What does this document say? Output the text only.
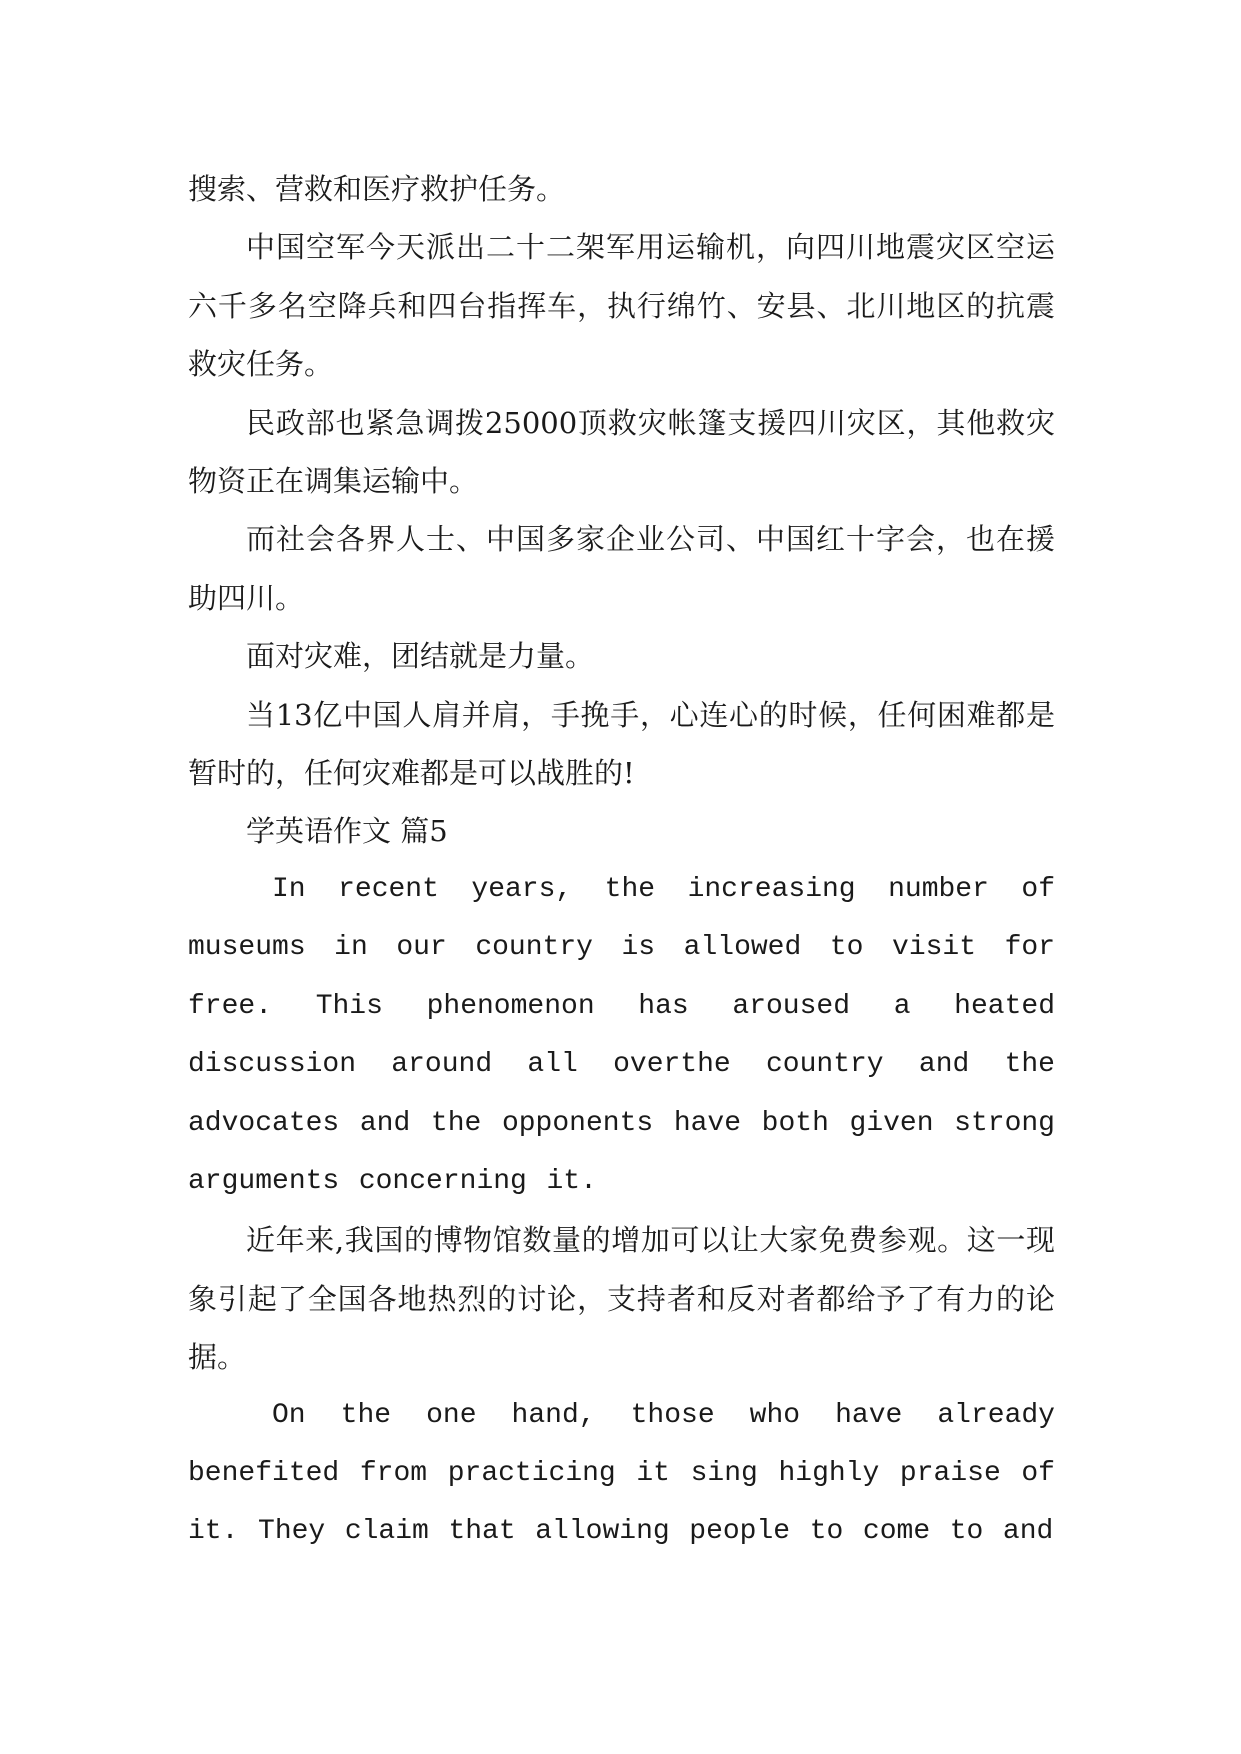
搜索、营救和医疗救护任务。

中国空军今天派出二十二架军用运输机，向四川地震灾区空运六千多名空降兵和四台指挥车，执行绵竹、安县、北川地区的抗震救灾任务。

民政部也紧急调拨25000顶救灾帐篷支援四川灾区，其他救灾物资正在调集运输中。

而社会各界人士、中国多家企业公司、中国红十字会，也在援助四川。

面对灾难，团结就是力量。

当13亿中国人肩并肩，手挽手，心连心的时候，任何困难都是暂时的，任何灾难都是可以战胜的!

学英语作文 篇5

In recent years, the increasing number of museums in our country is allowed to visit for free. This phenomenon has aroused a heated discussion around all overthe country and the advocates and the opponents have both given strong arguments concerning it.

近年来,我国的博物馆数量的增加可以让大家免费参观。这一现象引起了全国各地热烈的讨论，支持者和反对者都给予了有力的论据。

On the one hand, those who have already benefited from practicing it sing highly praise of it. They claim that allowing people to come to and
